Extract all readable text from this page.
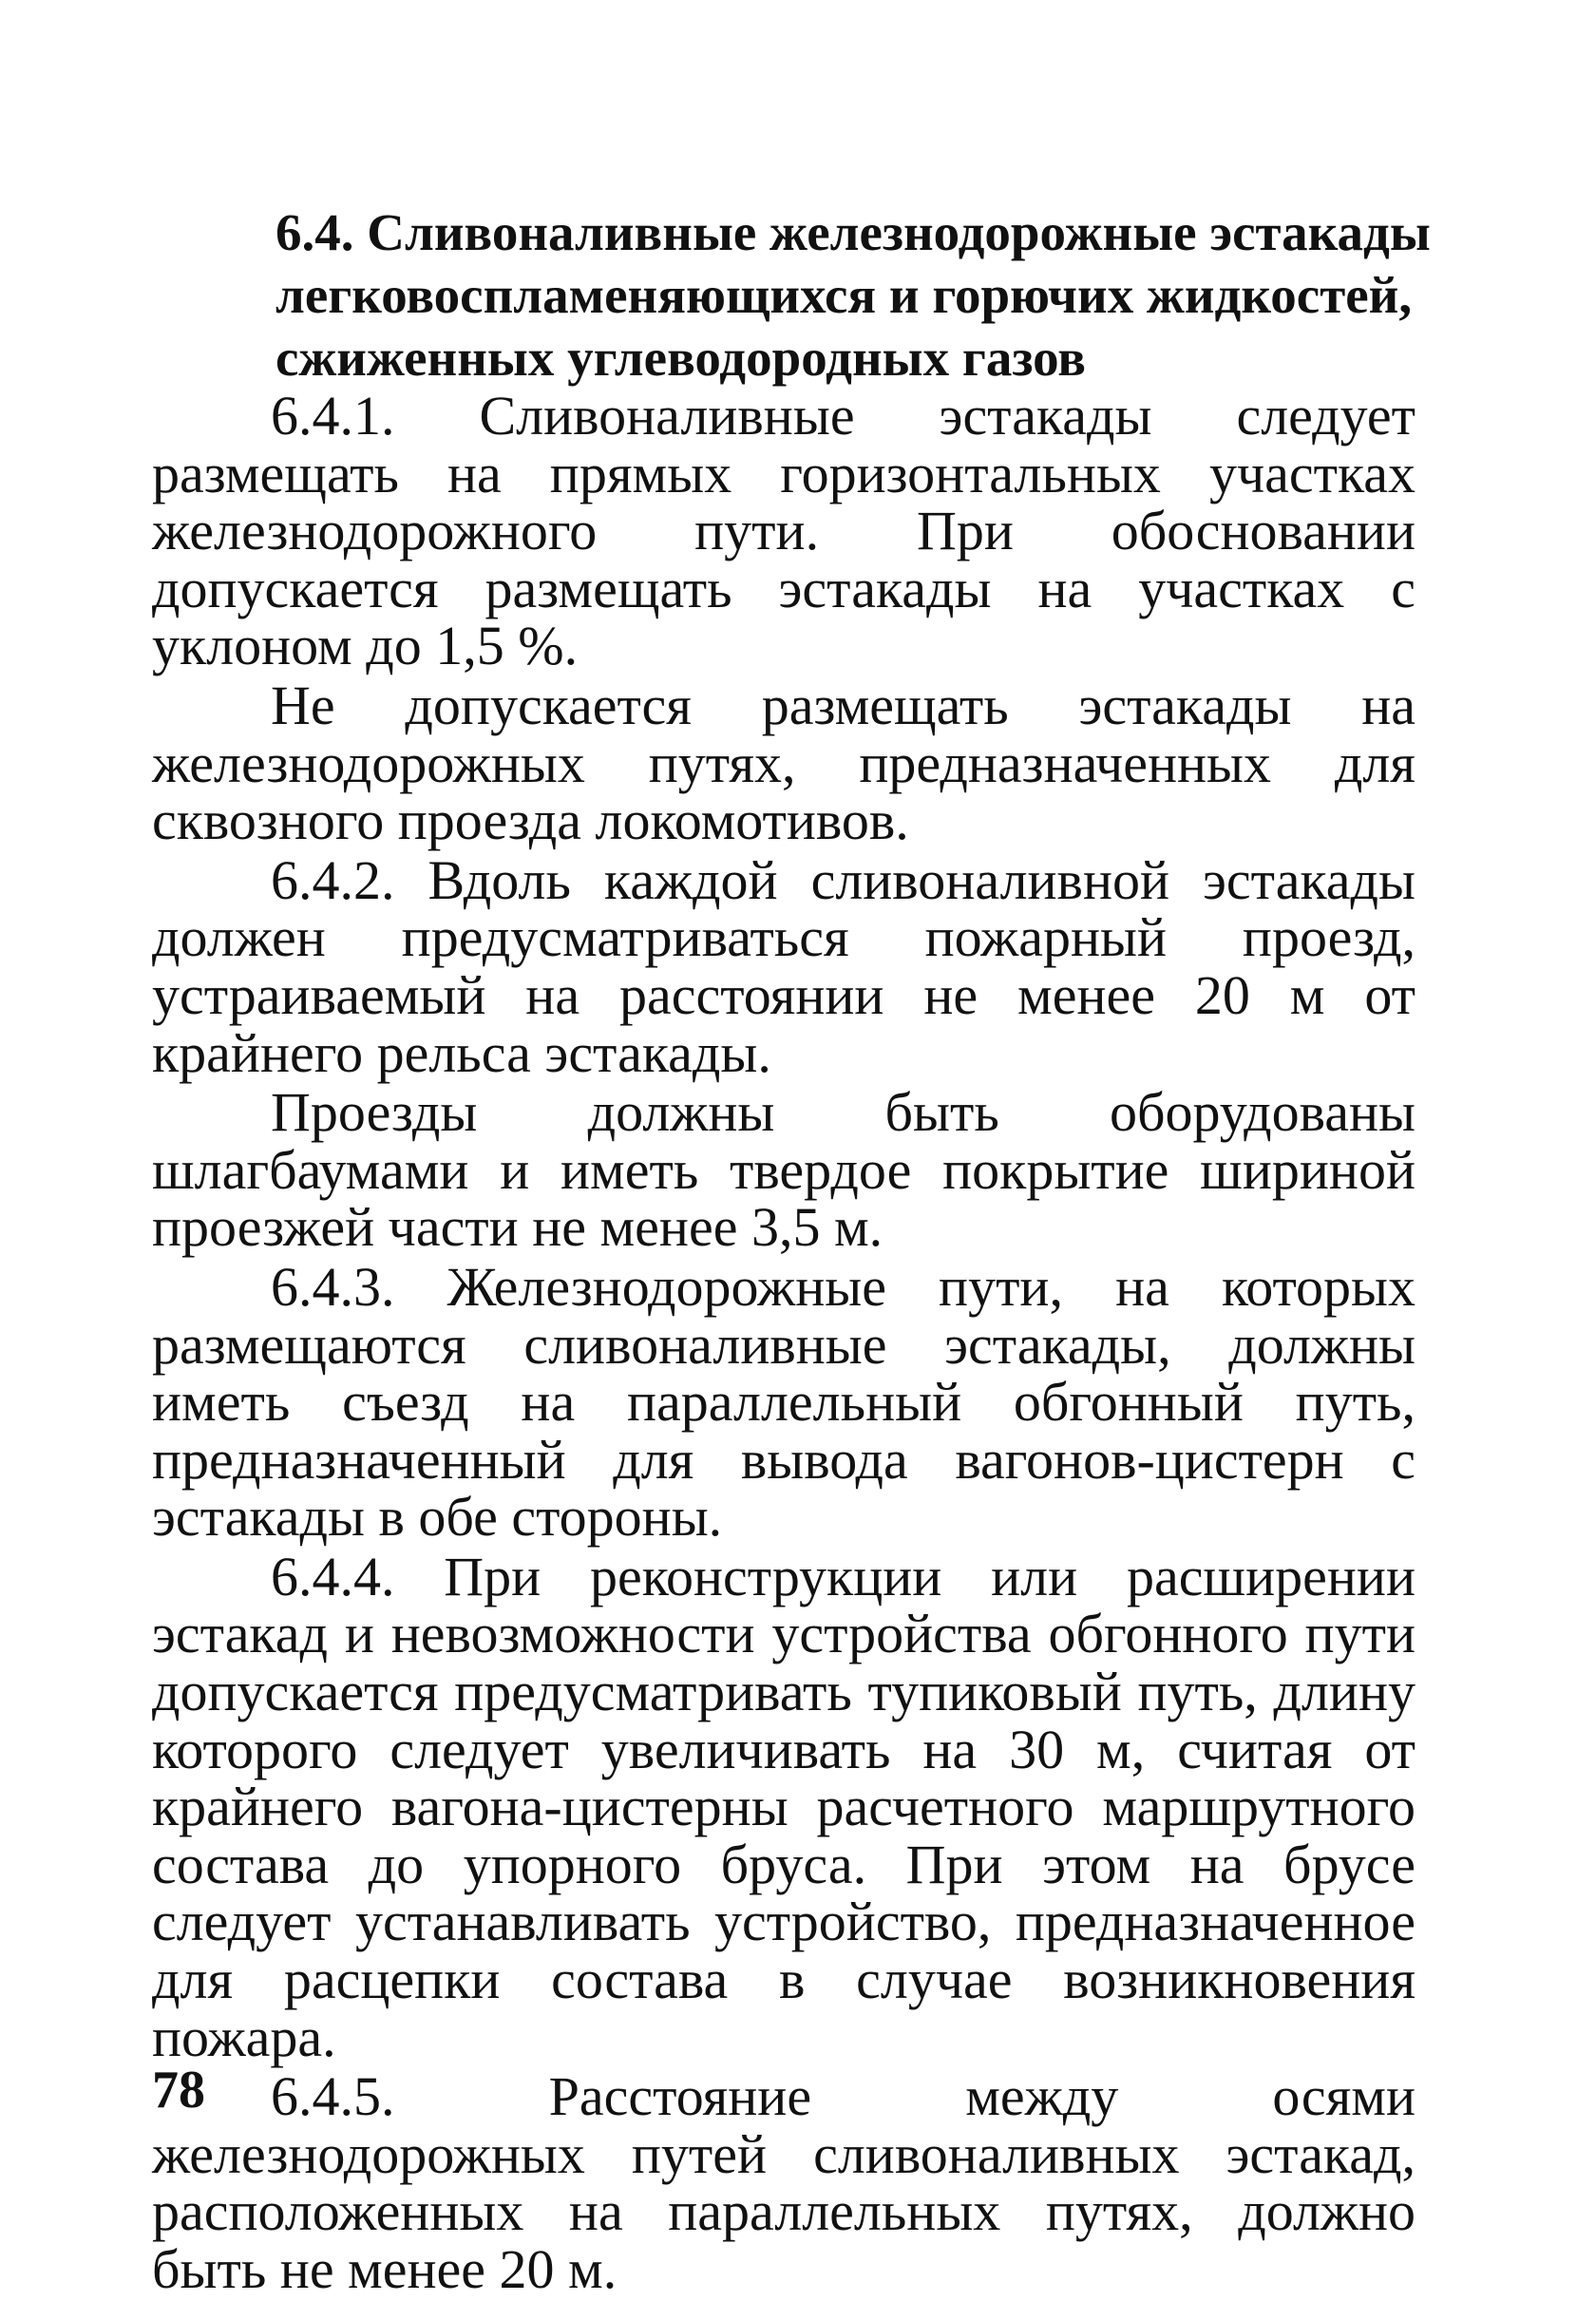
6.4. Сливоналивные железнодорожные эстакады
легковоспламеняющихся и горючих жидкостей,
сжиженных углеводородных газов

6.4.1. Сливоналивные эстакады следует размещать на прямых горизонтальных участках железнодорожного пути. При обосновании допускается размещать эстакады на участках с уклоном до 1,5 %.

Не допускается размещать эстакады на железнодорожных путях, предназначенных для сквозного проезда локомотивов.

6.4.2. Вдоль каждой сливоналивной эстакады должен предусматриваться пожарный проезд, устраиваемый на расстоянии не менее 20 м от крайнего рельса эстакады.

Проезды должны быть оборудованы шлагбаумами и иметь твердое покрытие шириной проезжей части не менее 3,5 м.

6.4.3. Железнодорожные пути, на которых размещаются сливоналивные эстакады, должны иметь съезд на параллельный обгонный путь, предназначенный для вывода вагонов-цистерн с эстакады в обе стороны.

6.4.4. При реконструкции или расширении эстакад и невозможности устройства обгонного пути допускается предусматривать тупиковый путь, длину которого следует увеличивать на 30 м, считая от крайнего вагона-цистерны расчетного маршрутного состава до упорного бруса. При этом на брусе следует устанавливать устройство, предназначенное для расцепки состава в случае возникновения пожара.

6.4.5. Расстояние между осями железнодорожных путей сливоналивных эстакад, расположенных на параллельных путях, должно быть не менее 20 м.

78
